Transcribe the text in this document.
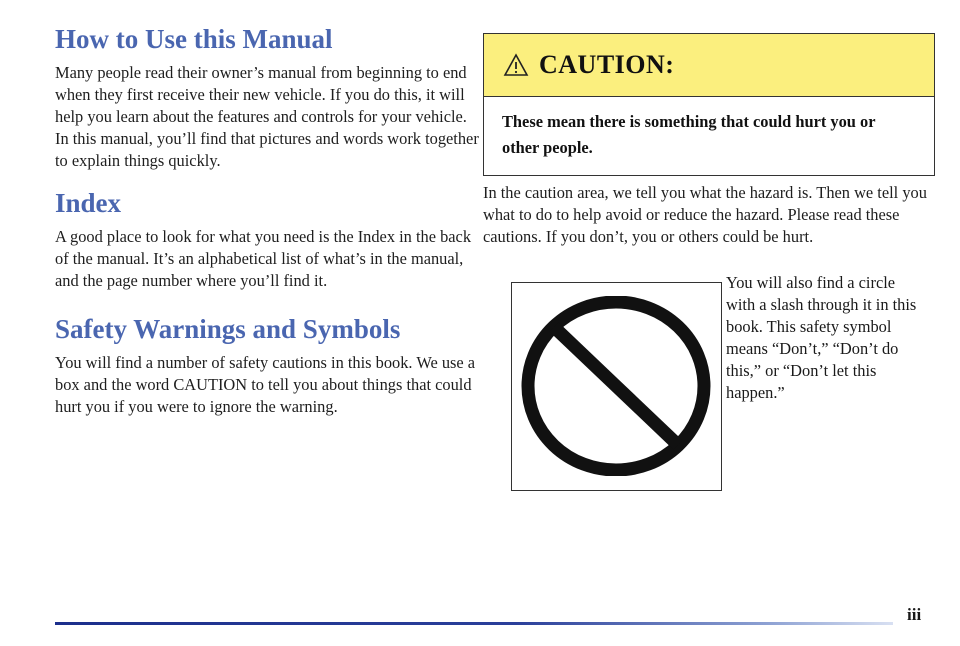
How to Use this Manual

Many people read their owner’s manual from beginning to end when they first receive their new vehicle. If you do this, it will help you learn about the features and controls for your vehicle. In this manual, you’ll find that pictures and words work together to explain things quickly.

Index

A good place to look for what you need is the Index in the back of the manual. It’s an alphabetical list of what’s in the manual, and the page number where you’ll find it.

Safety Warnings and Symbols

You will find a number of safety cautions in this book. We use a box and the word CAUTION to tell you about things that could hurt you if you were to ignore the warning.

CAUTION:
These mean there is something that could hurt you or other people.

In the caution area, we tell you what the hazard is. Then we tell you what to do to help avoid or reduce the hazard. Please read these cautions. If you don’t, you or others could be hurt.

You will also find a circle with a slash through it in this book. This safety symbol means “Don’t,” “Don’t do this,” or “Don’t let this happen.”

iii
